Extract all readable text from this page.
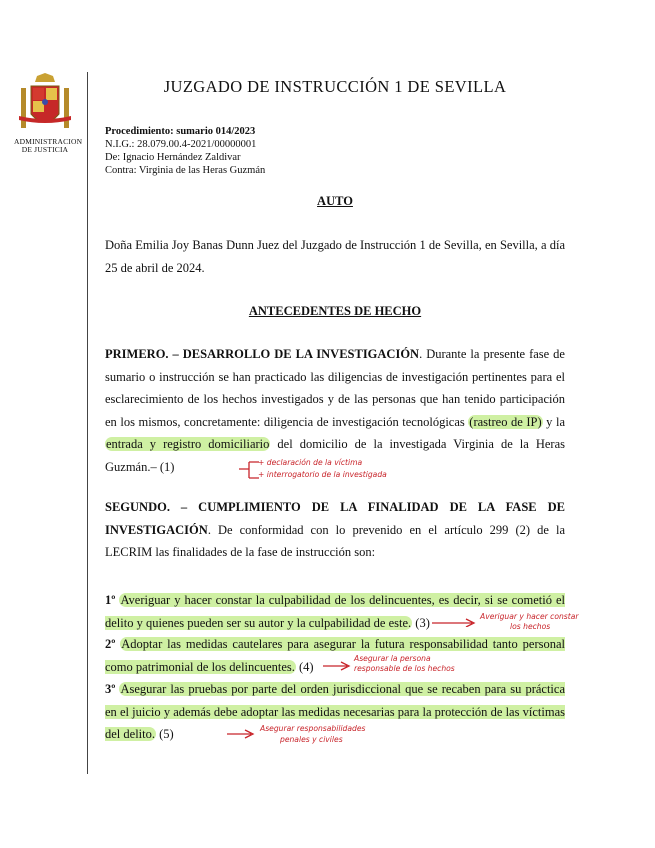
ADMINISTRACION
DE JUSTICIA
JUZGADO DE INSTRUCCIÓN 1 DE SEVILLA
Procedimiento: sumario 014/2023
N.I.G.: 28.079.00.4-2021/00000001
De: Ignacio Hernández Zaldivar
Contra: Virginia de las Heras Guzmán
AUTO
Doña Emilia Joy Banas Dunn Juez del Juzgado de Instrucción 1 de Sevilla, en Sevilla, a día 25 de abril de 2024.
ANTECEDENTES DE HECHO
PRIMERO. – DESARROLLO DE LA INVESTIGACIÓN. Durante la presente fase de sumario o instrucción se han practicado las diligencias de investigación pertinentes para el esclarecimiento de los hechos investigados y de las personas que han tenido participación en los mismos, concretamente: diligencia de investigación tecnológicas (rastreo de IP) y la entrada y registro domiciliario del domicilio de la investigada Virginia de la Heras Guzmán.– (1)
SEGUNDO. – CUMPLIMIENTO DE LA FINALIDAD DE LA FASE DE INVESTIGACIÓN. De conformidad con lo prevenido en el artículo 299 (2) de la LECRIM las finalidades de la fase de instrucción son:
1º Averiguar y hacer constar la culpabilidad de los delincuentes, es decir, si se cometió el delito y quienes pueden ser su autor y la culpabilidad de este. (3)
2º Adoptar las medidas cautelares para asegurar la futura responsabilidad tanto personal como patrimonial de los delincuentes. (4)
3º Asegurar las pruebas por parte del orden jurisdiccional que se recaben para su práctica en el juicio y además debe adoptar las medidas necesarias para la protección de las víctimas del delito. (5)
+ declaración de la víctima
+ interrogatorio de la investigada
Averiguar y hacer constar
los hechos
Asegurar la persona
responsable de los hechos
Asegurar responsabilidades
penales y civiles
